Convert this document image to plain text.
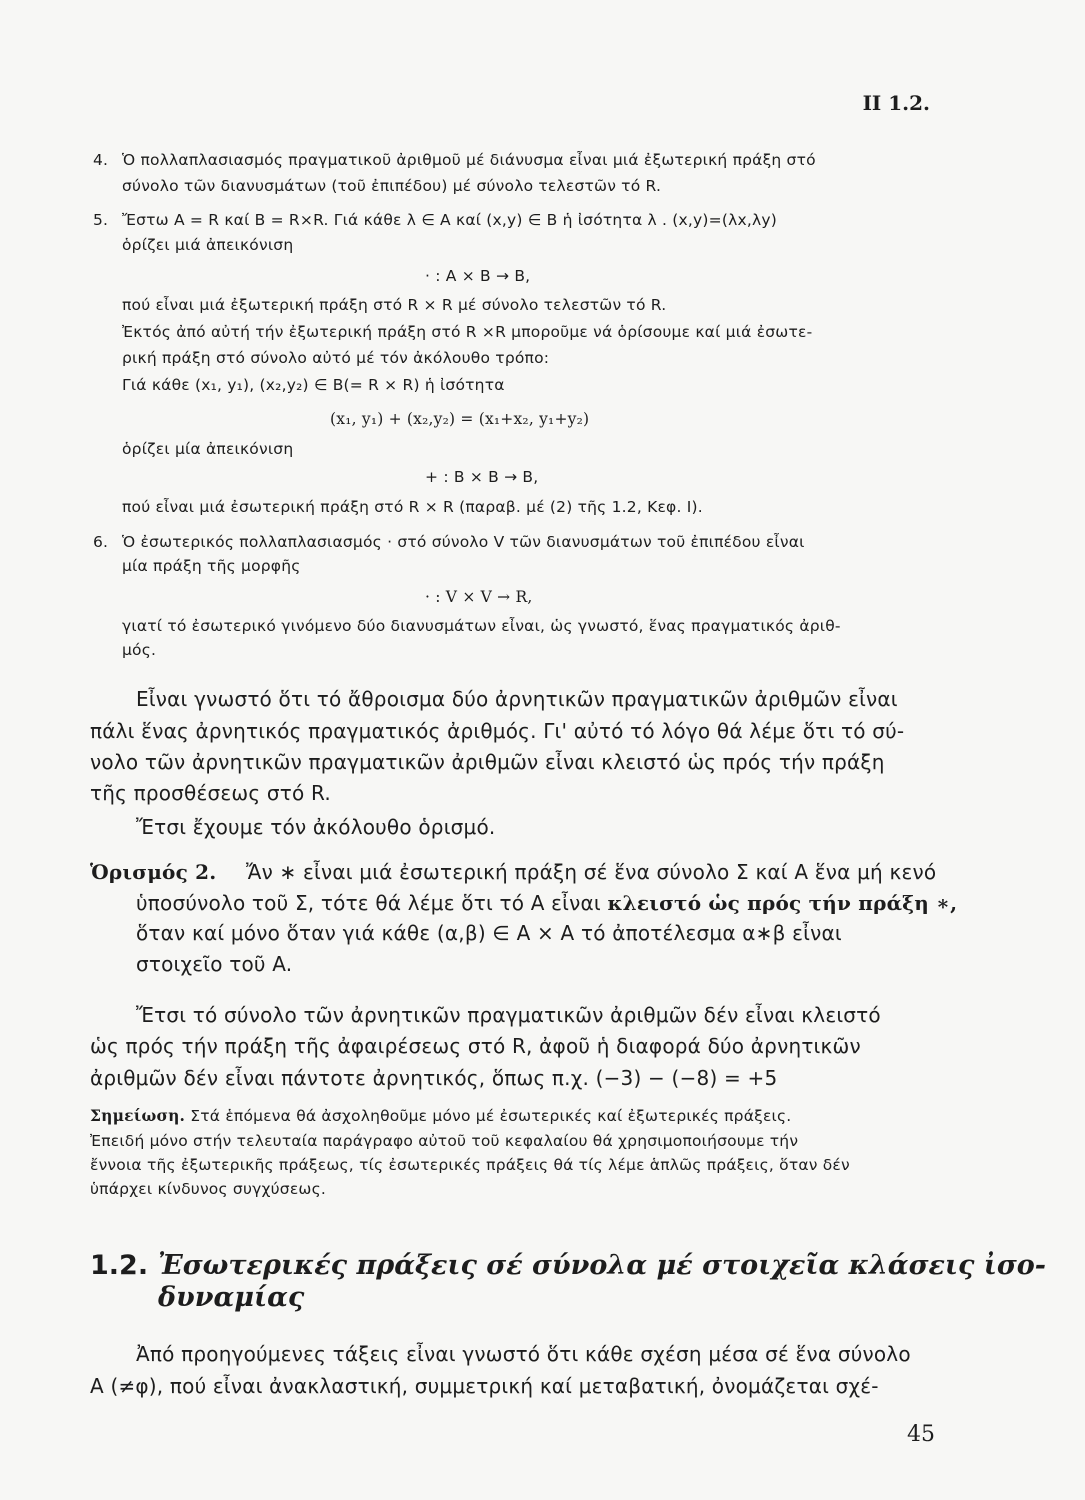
II 1.2.
4. Ὁ πολλαπλασιασμός πραγματικοῦ ἀριθμοῦ μέ διάνυσμα εἶναι μιά ἐξωτερική πράξη στό
σύνολο τῶν διανυσμάτων (τοῦ ἐπιπέδου) μέ σύνολο τελεστῶν τό R.
5. Ἔστω A = R καί B = R×R. Γιά κάθε λ ∈ A καί (x,y) ∈ B ἡ ἰσότητα λ . (x,y)=(λx,λy)
ὁρίζει μιά ἀπεικόνιση
· : A × B → B,
πού εἶναι μιά ἐξωτερική πράξη στό R × R μέ σύνολο τελεστῶν τό R.
Ἐκτός ἀπό αὐτή τήν ἐξωτερική πράξη στό R ×R μποροῦμε νά ὁρίσουμε καί μιά ἐσωτε-
ρική πράξη στό σύνολο αὐτό μέ τόν ἀκόλουθο τρόπο:
Γιά κάθε (x₁, y₁), (x₂,y₂) ∈ B(= R × R) ἡ ἰσότητα
(x₁, y₁) + (x₂,y₂) = (x₁+x₂, y₁+y₂)
ὁρίζει μία ἀπεικόνιση
+ : B × B → B,
πού εἶναι μιά ἐσωτερική πράξη στό R × R (παραβ. μέ (2) τῆς 1.2, Κεφ. Ι).
6. Ὁ ἐσωτερικός πολλαπλασιασμός · στό σύνολο V τῶν διανυσμάτων τοῦ ἐπιπέδου εἶναι
μία πράξη τῆς μορφῆς
· : V × V → R,
γιατί τό ἐσωτερικό γινόμενο δύο διανυσμάτων εἶναι, ὡς γνωστό, ἕνας πραγματικός ἀριθ-
μός.
Εἶναι γνωστό ὅτι τό ἄθροισμα δύο ἀρνητικῶν πραγματικῶν ἀριθμῶν εἶναι
πάλι ἕνας ἀρνητικός πραγματικός ἀριθμός. Γι' αὐτό τό λόγο θά λέμε ὅτι τό σύ-
νολο τῶν ἀρνητικῶν πραγματικῶν ἀριθμῶν εἶναι κλειστό ὡς πρός τήν πράξη
τῆς προσθέσεως στό R.
Ἔτσι ἔχουμε τόν ἀκόλουθο ὁρισμό.
Ὁρισμός 2. Ἄν ∗ εἶναι μιά ἐσωτερική πράξη σέ ἕνα σύνολο Σ καί A ἕνα μή κενό
ὑποσύνολο τοῦ Σ, τότε θά λέμε ὅτι τό A εἶναι κλειστό ὡς πρός τήν πράξη ∗,
ὅταν καί μόνο ὅταν γιά κάθε (α,β) ∈ A × A τό ἀποτέλεσμα α∗β εἶναι
στοιχεῖο τοῦ A.
Ἔτσι τό σύνολο τῶν ἀρνητικῶν πραγματικῶν ἀριθμῶν δέν εἶναι κλειστό
ὡς πρός τήν πράξη τῆς ἀφαιρέσεως στό R, ἀφοῦ ἡ διαφορά δύο ἀρνητικῶν
ἀριθμῶν δέν εἶναι πάντοτε ἀρνητικός, ὅπως π.χ. (−3) − (−8) = +5
Σημείωση. Στά ἑπόμενα θά ἀσχοληθοῦμε μόνο μέ ἐσωτερικές καί ἐξωτερικές πράξεις.
Ἐπειδή μόνο στήν τελευταία παράγραφο αὐτοῦ τοῦ κεφαλαίου θά χρησιμοποιήσουμε τήν
ἔννοια τῆς ἐξωτερικῆς πράξεως, τίς ἐσωτερικές πράξεις θά τίς λέμε ἁπλῶς πράξεις, ὅταν δέν
ὑπάρχει κίνδυνος συγχύσεως.
1.2. Ἐσωτερικές πράξεις σέ σύνολα μέ στοιχεῖα κλάσεις ἰσο-
δυναμίας
Ἀπό προηγούμενες τάξεις εἶναι γνωστό ὅτι κάθε σχέση μέσα σέ ἕνα σύνολο
A (≠φ), πού εἶναι ἀνακλαστική, συμμετρική καί μεταβατική, ὀνομάζεται σχέ-
45
